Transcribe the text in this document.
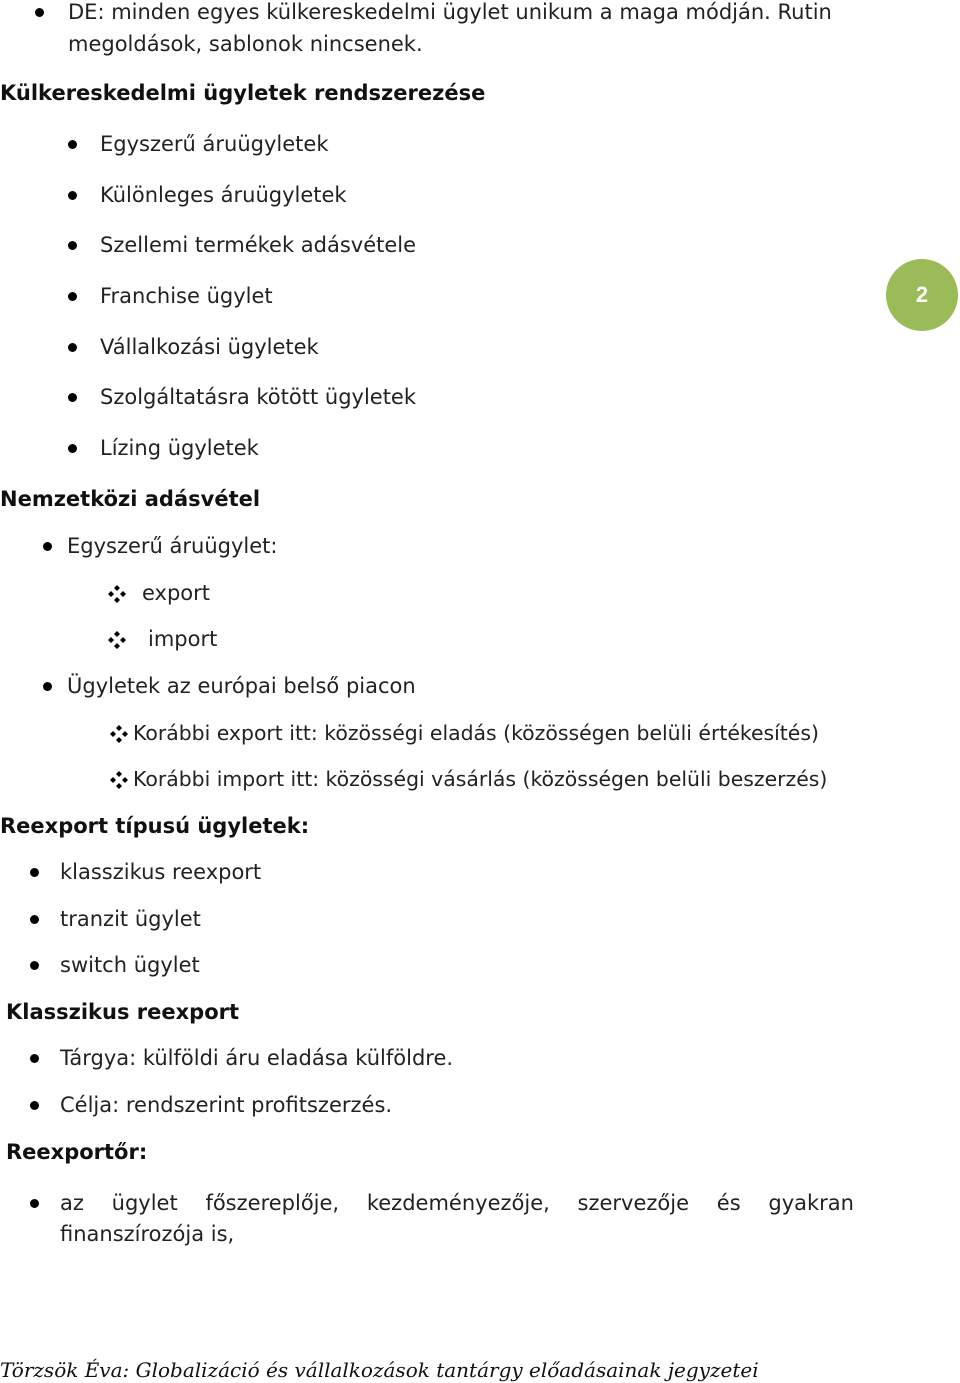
DE: minden egyes külkereskedelmi ügylet unikum a maga módján. Rutin
megoldások, sablonok nincsenek.
Külkereskedelmi ügyletek rendszerezése
Egyszerű áruügyletek
Különleges áruügyletek
Szellemi termékek adásvétele
Franchise ügylet
Vállalkozási ügyletek
Szolgáltatásra kötött ügyletek
Lízing ügyletek
2
Nemzetközi adásvétel
Egyszerű áruügylet:
export
import
Ügyletek az európai belső piacon
Korábbi export itt: közösségi eladás (közösségen belüli értékesítés)
Korábbi import itt: közösségi vásárlás (közösségen belüli beszerzés)
Reexport típusú ügyletek:
klasszikus reexport
tranzit ügylet
switch ügylet
Klasszikus reexport
Tárgya: külföldi áru eladása külföldre.
Célja: rendszerint profitszerzés.
Reexportőr:
az ügylet főszereplője, kezdeményezője, szervezője és gyakran
finanszírozója is,
Törzsök Éva: Globalizáció és vállalkozások tantárgy előadásainak jegyzetei
